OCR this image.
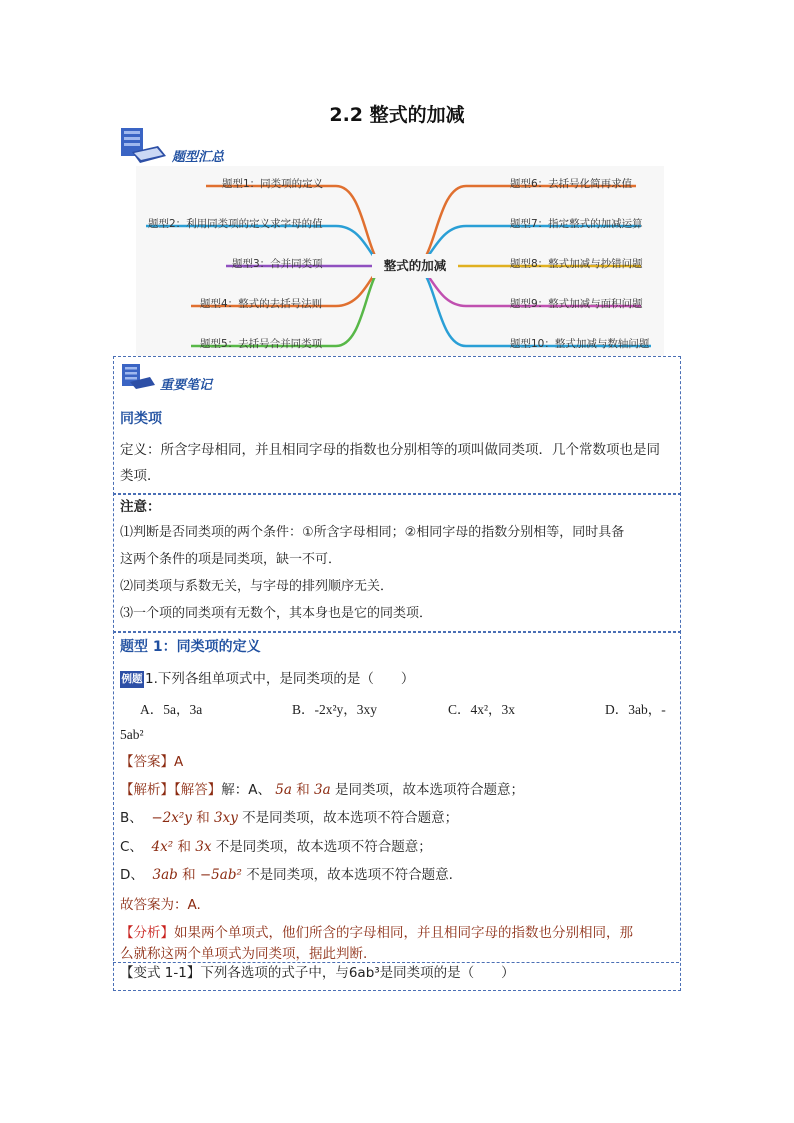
2.2 整式的加减
题型汇总
整式的加减
题型1：同类项的定义
题型2：利用同类项的定义求字母的值
题型3：合并同类项
题型4：整式的去括号法则
题型5：去括号合并同类项
题型6：去括号化简再求值
题型7：指定整式的加减运算
题型8：整式加减与抄错问题
题型9：整式加减与面积问题
题型10：整式加减与数轴问题
重要笔记
同类项
定义：所含字母相同，并且相同字母的指数也分别相等的项叫做同类项．几个常数项也是同
类项．
注意：
⑴判断是否同类项的两个条件：①所含字母相同；②相同字母的指数分别相等，同时具备
这两个条件的项是同类项，缺一不可．
⑵同类项与系数无关，与字母的排列顺序无关．
⑶一个项的同类项有无数个，其本身也是它的同类项．
题型 1：同类项的定义
例题 1.下列各组单项式中，是同类项的是（　　）
A．5a，3a	B．-2x²y，3xy	C．4x²，3x	D．3ab，-
5ab²
【答案】A
【解析】【解答】解：A、 5a 和 3a 是同类项，故本选项符合题意；
B、 −2x²y 和 3xy 不是同类项，故本选项不符合题意；
C、 4x² 和 3x 不是同类项，故本选项不符合题意；
D、 3ab 和 −5ab² 不是同类项，故本选项不符合题意.
故答案为：A.
【分析】如果两个单项式，他们所含的字母相同，并且相同字母的指数也分别相同，那
么就称这两个单项式为同类项，据此判断.
【变式 1-1】下列各选项的式子中，与6ab³是同类项的是（　　）
